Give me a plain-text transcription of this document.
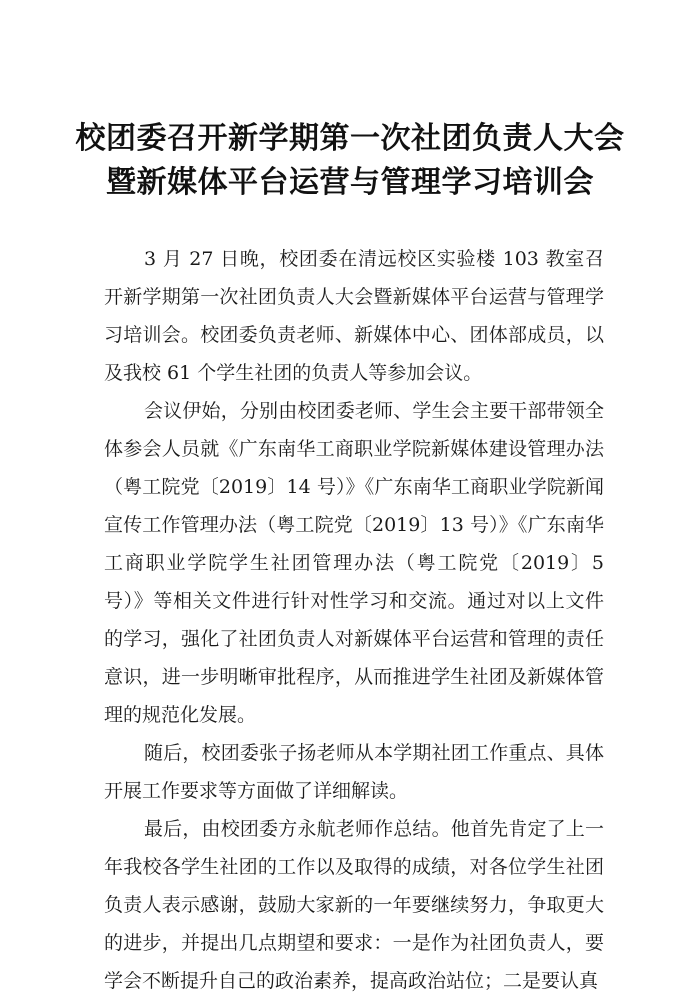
校团委召开新学期第一次社团负责人大会
暨新媒体平台运营与管理学习培训会

3 月 27 日晚，校团委在清远校区实验楼 103 教室召开新学期第一次社团负责人大会暨新媒体平台运营与管理学习培训会。校团委负责老师、新媒体中心、团体部成员，以及我校 61 个学生社团的负责人等参加会议。

会议伊始，分别由校团委老师、学生会主要干部带领全体参会人员就《广东南华工商职业学院新媒体建设管理办法（粤工院党〔2019〕14 号）》《广东南华工商职业学院新闻宣传工作管理办法（粤工院党〔2019〕13 号）》《广东南华工商职业学院学生社团管理办法（粤工院党〔2019〕5 号）》等相关文件进行针对性学习和交流。通过对以上文件的学习，强化了社团负责人对新媒体平台运营和管理的责任意识，进一步明晰审批程序，从而推进学生社团及新媒体管理的规范化发展。

随后，校团委张子扬老师从本学期社团工作重点、具体开展工作要求等方面做了详细解读。

最后，由校团委方永航老师作总结。他首先肯定了上一年我校各学生社团的工作以及取得的成绩，对各位学生社团负责人表示感谢，鼓励大家新的一年要继续努力，争取更大的进步，并提出几点期望和要求：一是作为社团负责人，要学会不断提升自己的政治素养，提高政治站位；二是要认真
